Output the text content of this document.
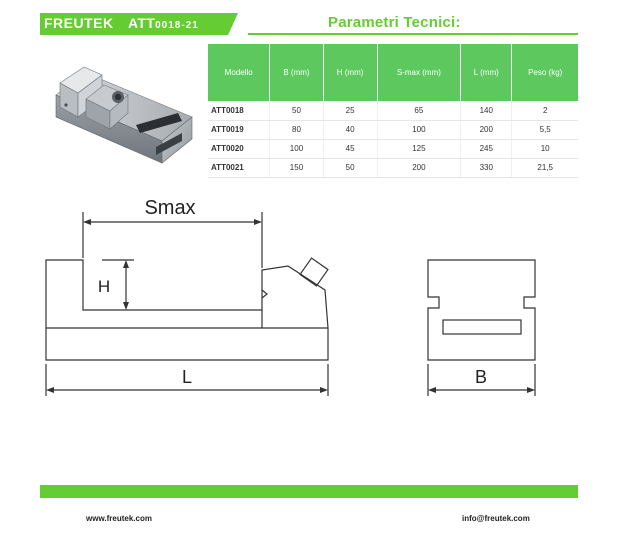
FREUTEK ATT0018-21	Parametri Tecnici:
Modello	B (mm)	H (mm)	S-max (mm)	L (mm)	Peso (kg)
ATT0018	50	25	65	140	2
ATT0019	80	40	100	200	5,5
ATT0020	100	45	125	245	10
ATT0021	150	50	200	330	21,5
Smax
H
L	B
www.freutek.com	info@freutek.com
